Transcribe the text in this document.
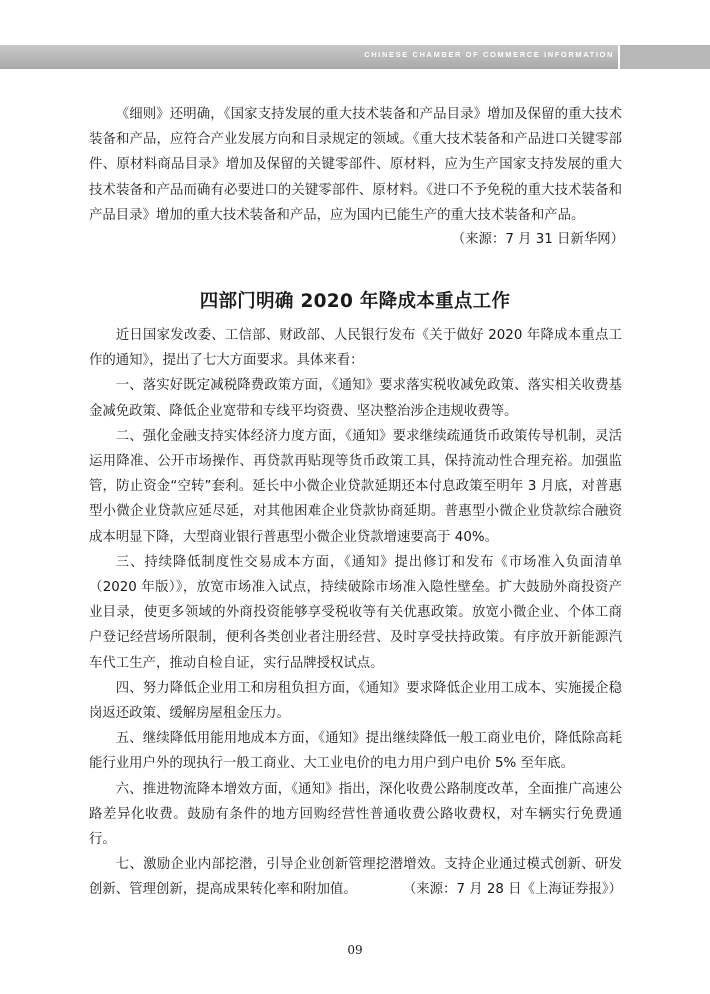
CHINESE CHAMBER OF COMMERCE INFORMATION

《细则》还明确，《国家支持发展的重大技术装备和产品目录》增加及保留的重大技术装备和产品，应符合产业发展方向和目录规定的领域。《重大技术装备和产品进口关键零部件、原材料商品目录》增加及保留的关键零部件、原材料，应为生产国家支持发展的重大技术装备和产品而确有必要进口的关键零部件、原材料。《进口不予免税的重大技术装备和产品目录》增加的重大技术装备和产品，应为国内已能生产的重大技术装备和产品。

（来源：7 月 31 日新华网）
四部门明确 2020 年降成本重点工作

近日国家发改委、工信部、财政部、人民银行发布《关于做好 2020 年降成本重点工作的通知》，提出了七大方面要求。具体来看：

一、落实好既定减税降费政策方面，《通知》要求落实税收减免政策、落实相关收费基金减免政策、降低企业宽带和专线平均资费、坚决整治涉企违规收费等。

二、强化金融支持实体经济力度方面，《通知》要求继续疏通货币政策传导机制，灵活运用降准、公开市场操作、再贷款再贴现等货币政策工具，保持流动性合理充裕。加强监管，防止资金“空转”套利。延长中小微企业贷款延期还本付息政策至明年 3 月底，对普惠型小微企业贷款应延尽延，对其他困难企业贷款协商延期。普惠型小微企业贷款综合融资成本明显下降，大型商业银行普惠型小微企业贷款增速要高于 40%。

三、持续降低制度性交易成本方面，《通知》提出修订和发布《市场准入负面清单（2020 年版）》，放宽市场准入试点，持续破除市场准入隐性壁垒。扩大鼓励外商投资产业目录，使更多领域的外商投资能够享受税收等有关优惠政策。放宽小微企业、个体工商户登记经营场所限制，便利各类创业者注册经营、及时享受扶持政策。有序放开新能源汽车代工生产，推动自检自证，实行品牌授权试点。

四、努力降低企业用工和房租负担方面，《通知》要求降低企业用工成本、实施援企稳岗返还政策、缓解房屋租金压力。

五、继续降低用能用地成本方面，《通知》提出继续降低一般工商业电价，降低除高耗能行业用户外的现执行一般工商业、大工业电价的电力用户到户电价 5% 至年底。

六、推进物流降本增效方面，《通知》指出，深化收费公路制度改革，全面推广高速公路差异化收费。鼓励有条件的地方回购经营性普通收费公路收费权，对车辆实行免费通行。

七、激励企业内部挖潜，引导企业创新管理挖潜增效。支持企业通过模式创新、研发创新、管理创新，提高成果转化率和附加值。	（来源：7 月 28 日《上海证券报》）

09
